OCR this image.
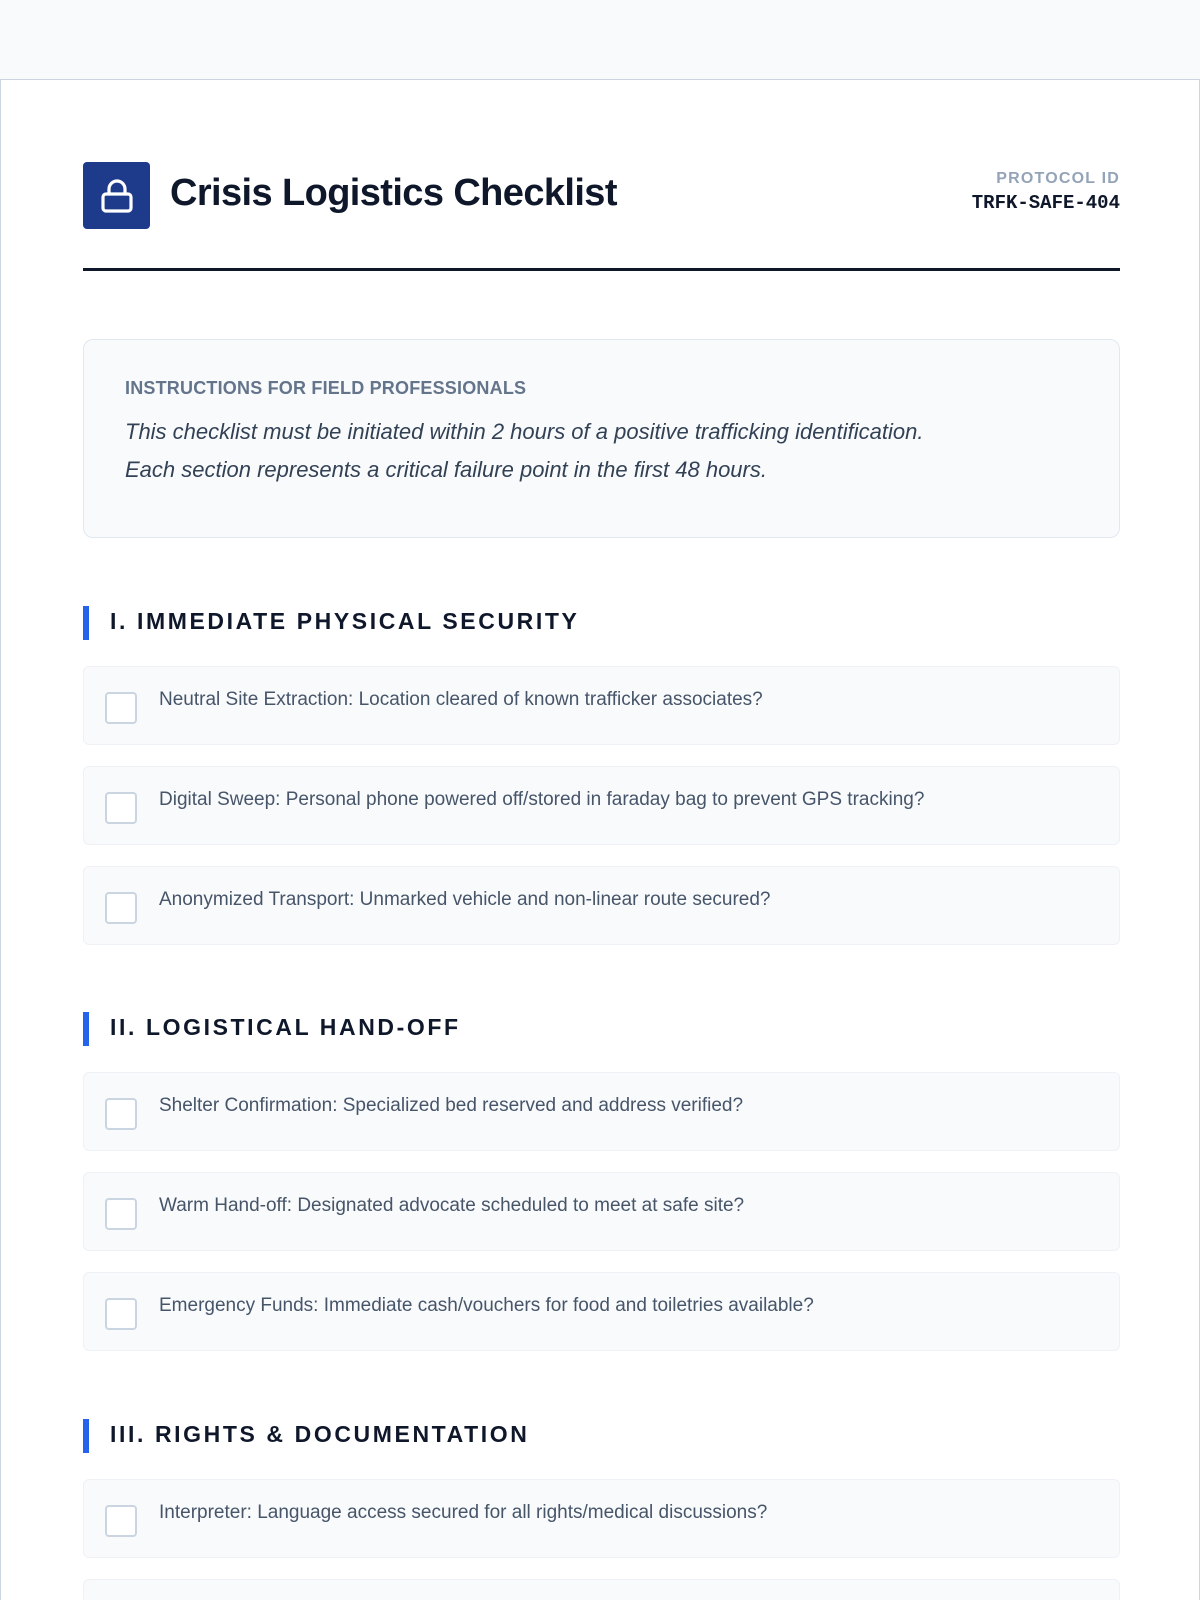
Crisis Logistics Checklist	PROTOCOL ID
TRFK-SAFE-404
INSTRUCTIONS FOR FIELD PROFESSIONALS
This checklist must be initiated within 2 hours of a positive trafficking identification.
Each section represents a critical failure point in the first 48 hours.
I. IMMEDIATE PHYSICAL SECURITY
Neutral Site Extraction: Location cleared of known trafficker associates?
Digital Sweep: Personal phone powered off/stored in faraday bag to prevent GPS tracking?
Anonymized Transport: Unmarked vehicle and non-linear route secured?
II. LOGISTICAL HAND-OFF
Shelter Confirmation: Specialized bed reserved and address verified?
Warm Hand-off: Designated advocate scheduled to meet at safe site?
Emergency Funds: Immediate cash/vouchers for food and toiletries available?
III. RIGHTS & DOCUMENTATION
Interpreter: Language access secured for all rights/medical discussions?
